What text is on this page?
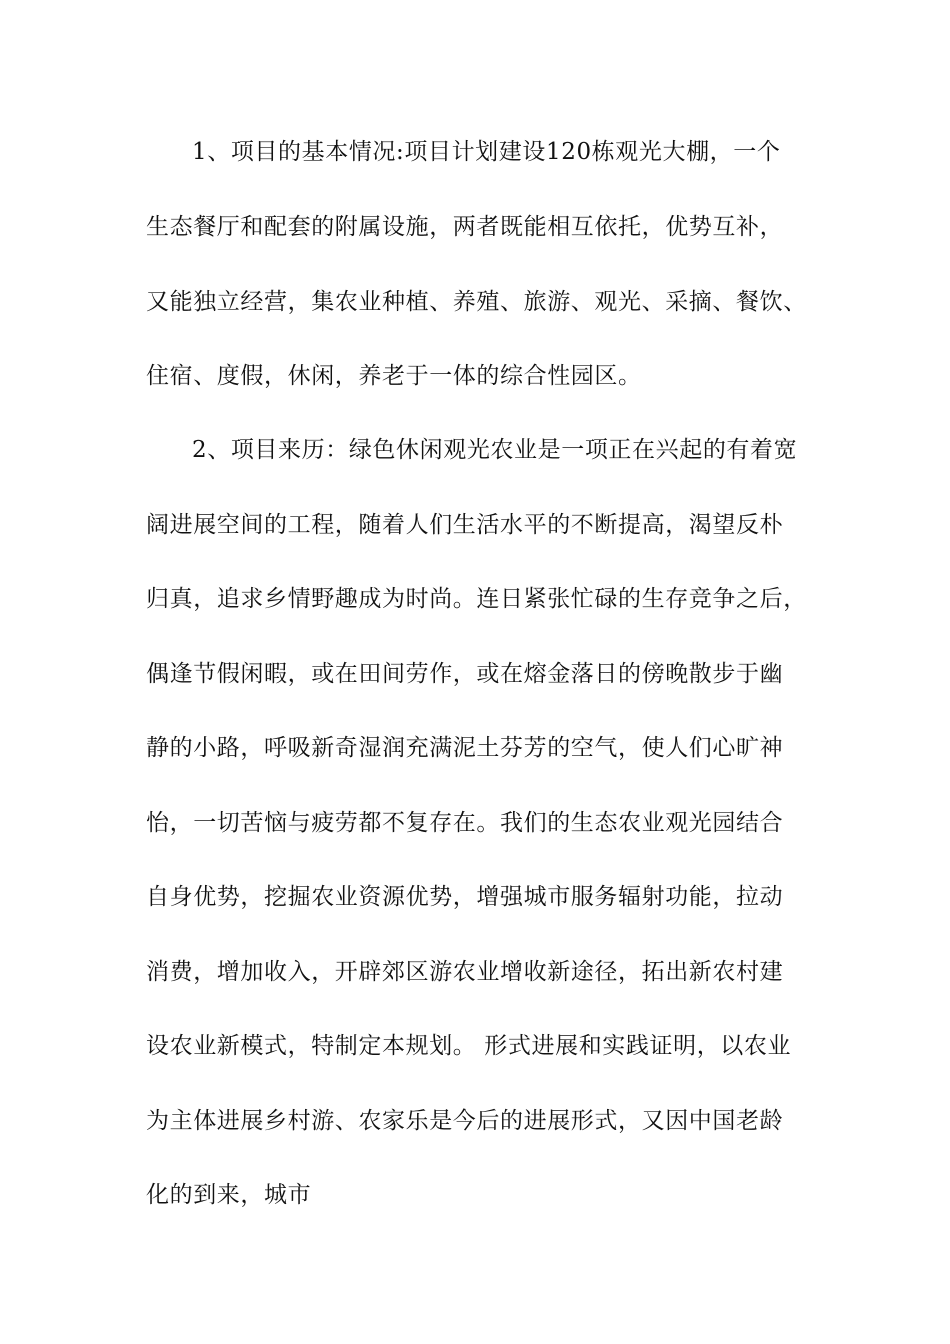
1、项目的基本情况:项目计划建设120栋观光大棚，一个
生态餐厅和配套的附属设施，两者既能相互依托，优势互补，
又能独立经营，集农业种植、养殖、旅游、观光、采摘、餐饮、
住宿、度假，休闲，养老于一体的综合性园区。
2、项目来历：绿色休闲观光农业是一项正在兴起的有着宽
阔进展空间的工程，随着人们生活水平的不断提高，渴望反朴
归真，追求乡情野趣成为时尚。连日紧张忙碌的生存竞争之后，
偶逢节假闲暇，或在田间劳作，或在熔金落日的傍晚散步于幽
静的小路，呼吸新奇湿润充满泥土芬芳的空气，使人们心旷神
怡，一切苦恼与疲劳都不复存在。我们的生态农业观光园结合
自身优势，挖掘农业资源优势，增强城市服务辐射功能，拉动
消费，增加收入，开辟郊区游农业增收新途径，拓出新农村建
设农业新模式，特制定本规划。 形式进展和实践证明，以农业
为主体进展乡村游、农家乐是今后的进展形式，又因中国老龄
化的到来，城市
